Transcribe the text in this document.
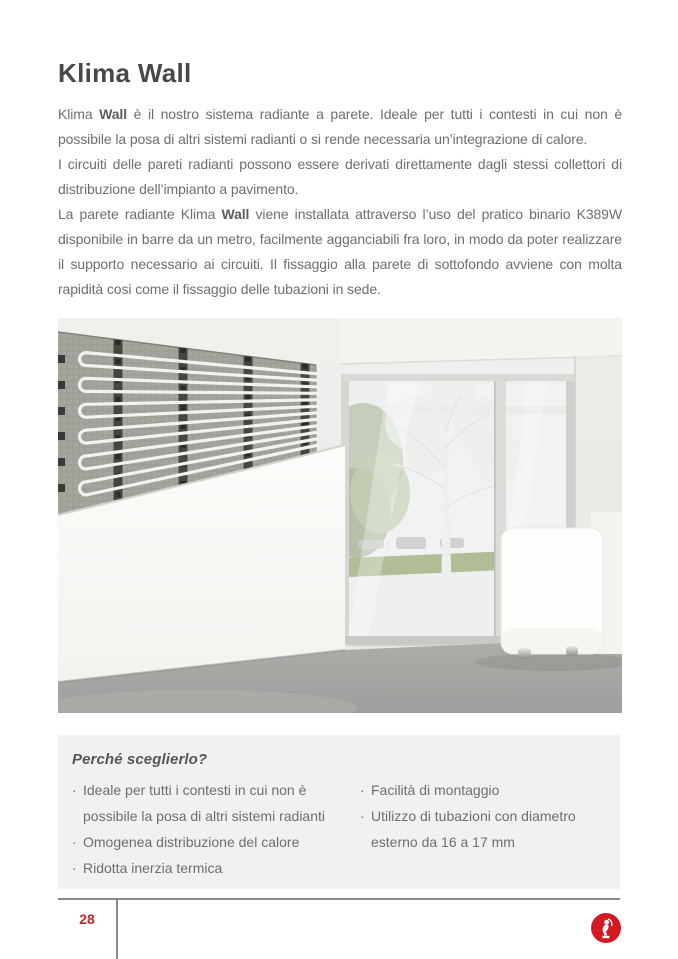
Klima Wall

Klima Wall è il nostro sistema radiante a parete. Ideale per tutti i contesti in cui non è possibile la posa di altri sistemi radianti o si rende necessaria un’integrazione di calore.

I circuiti delle pareti radianti possono essere derivati direttamente dagli stessi collettori di distribuzione dell’impianto a pavimento.

La parete radiante Klima Wall viene installata attraverso l’uso del pratico binario K389W disponibile in barre da un metro, facilmente agganciabili fra loro, in modo da poter realizzare il supporto necessario ai circuiti. Il fissaggio alla parete di sottofondo avviene con molta rapidità cosi come il fissaggio delle tubazioni in sede.

Perché sceglierlo?
· Ideale per tutti i contesti in cui non è possibile la posa di altri sistemi radianti
· Omogenea distribuzione del calore
· Ridotta inerzia termica
· Facilità di montaggio
· Utilizzo di tubazioni con diametro esterno da 16 a 17 mm
28
